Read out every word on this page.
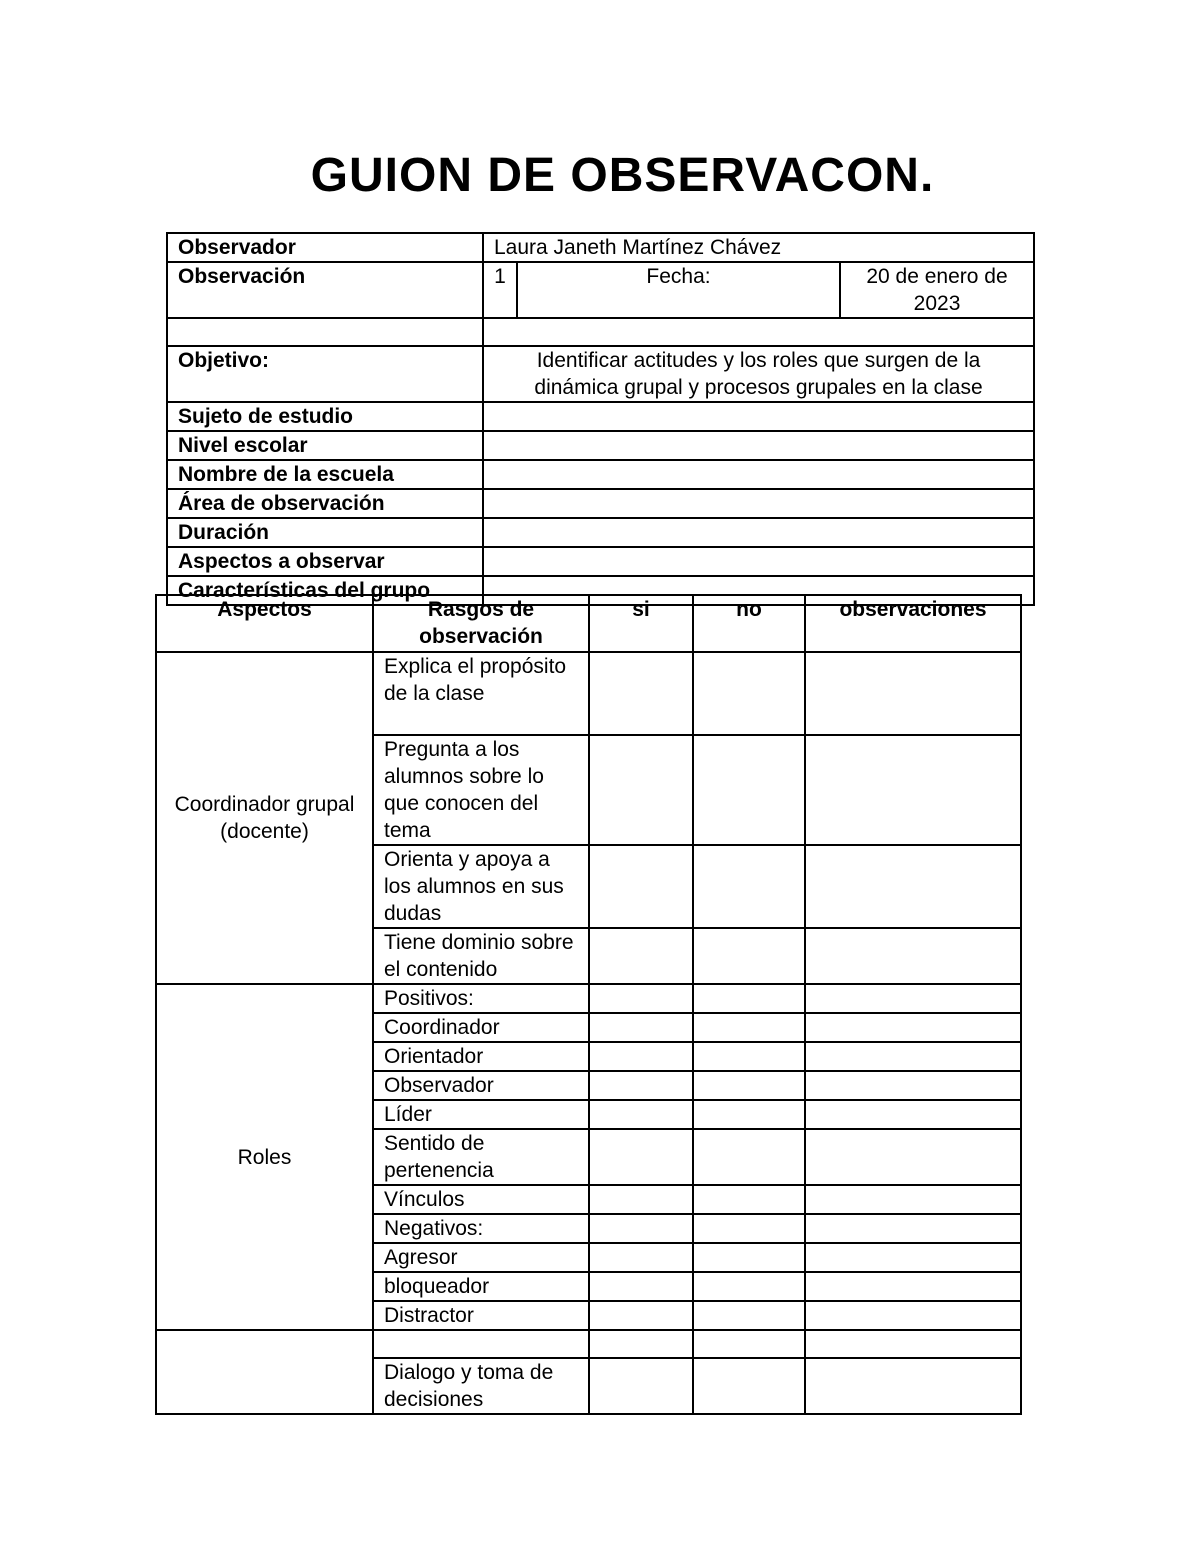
GUION DE OBSERVACON.
Observador	Laura Janeth Martínez Chávez		
Observación	1	Fecha:	20 de enero de 2023

Objetivo:	Identificar actitudes y los roles que surgen de la dinámica grupal y procesos grupales en la clase		
Sujeto de estudio			
Nivel escolar			
Nombre de la escuela			
Área de observación			
Duración			
Aspectos a observar			
Características del grupo			
Aspectos	Rasgos de observación	si	no	observaciones
Coordinador grupal (docente)	Explica el propósito de la clase			
	Pregunta a los alumnos sobre lo que conocen del tema			
	Orienta y apoya a los alumnos en sus dudas			
	Tiene dominio sobre el contenido			
Roles	Positivos:			
	Coordinador			
	Orientador			
	Observador			
	Líder			
	Sentido de pertenencia			
	Vínculos			
	Negativos:			
	Agresor			
	bloqueador			
	Distractor			

	Dialogo y toma de decisiones			
